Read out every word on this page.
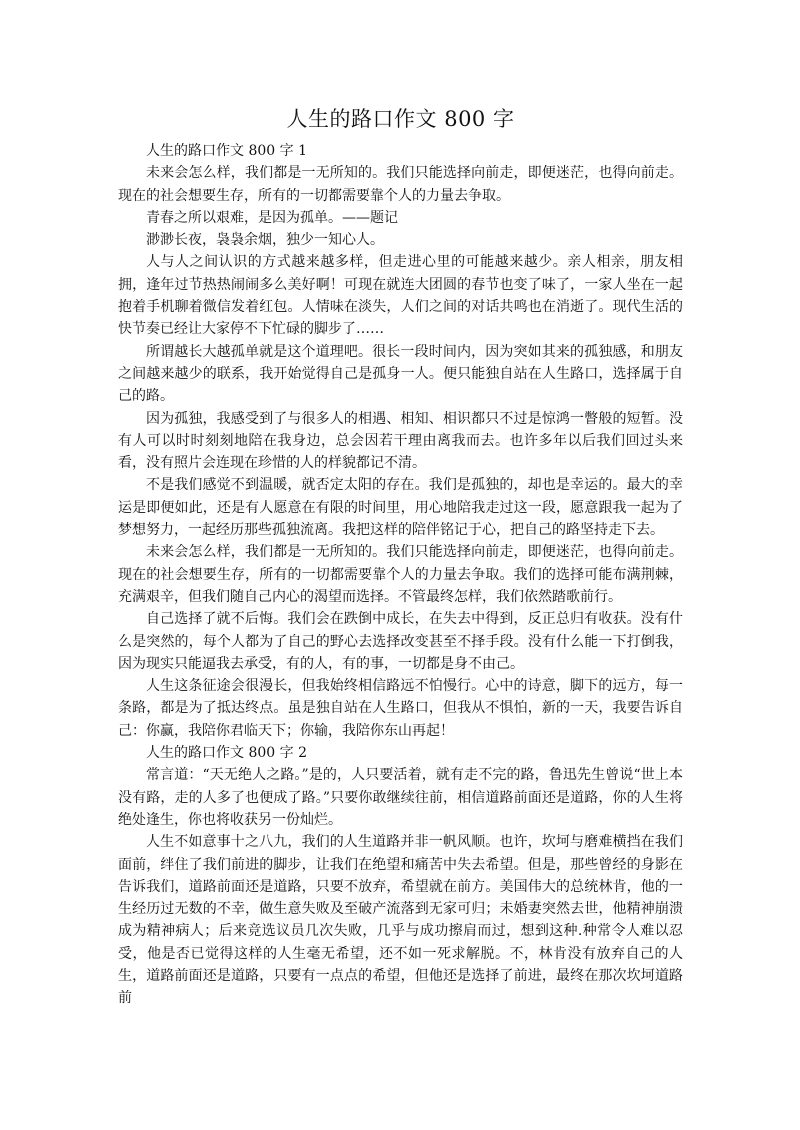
人生的路口作文 800 字

人生的路口作文 800 字 1

未来会怎么样，我们都是一无所知的。我们只能选择向前走，即便迷茫，也得向前走。现在的社会想要生存，所有的一切都需要靠个人的力量去争取。

青春之所以艰难，是因为孤单。——题记

渺渺长夜，袅袅余烟，独少一知心人。

人与人之间认识的方式越来越多样，但走进心里的可能越来越少。亲人相亲，朋友相拥，逢年过节热热闹闹多么美好啊！可现在就连大团圆的春节也变了味了，一家人坐在一起抱着手机聊着微信发着红包。人情味在淡失，人们之间的对话共鸣也在消逝了。现代生活的快节奏已经让大家停不下忙碌的脚步了……

所谓越长大越孤单就是这个道理吧。很长一段时间内，因为突如其来的孤独感，和朋友之间越来越少的联系，我开始觉得自己是孤身一人。便只能独自站在人生路口，选择属于自己的路。

因为孤独，我感受到了与很多人的相遇、相知、相识都只不过是惊鸿一瞥般的短暂。没有人可以时时刻刻地陪在我身边，总会因若干理由离我而去。也许多年以后我们回过头来看，没有照片会连现在珍惜的人的样貌都记不清。

不是我们感觉不到温暖，就否定太阳的存在。我们是孤独的，却也是幸运的。最大的幸运是即便如此，还是有人愿意在有限的时间里，用心地陪我走过这一段，愿意跟我一起为了梦想努力，一起经历那些孤独流离。我把这样的陪伴铭记于心，把自己的路坚持走下去。

未来会怎么样，我们都是一无所知的。我们只能选择向前走，即便迷茫，也得向前走。现在的社会想要生存，所有的一切都需要靠个人的力量去争取。我们的选择可能布满荆棘，充满艰辛，但我们随自己内心的渴望而选择。不管最终怎样，我们依然踏歌前行。

自己选择了就不后悔。我们会在跌倒中成长，在失去中得到，反正总归有收获。没有什么是突然的，每个人都为了自己的野心去选择改变甚至不择手段。没有什么能一下打倒我，因为现实只能逼我去承受，有的人，有的事，一切都是身不由己。

人生这条征途会很漫长，但我始终相信路远不怕慢行。心中的诗意，脚下的远方，每一条路，都是为了抵达终点。虽是独自站在人生路口，但我从不惧怕，新的一天，我要告诉自己：你赢，我陪你君临天下；你输，我陪你东山再起！

人生的路口作文 800 字 2

常言道：“天无绝人之路。”是的，人只要活着，就有走不完的路，鲁迅先生曾说“世上本没有路，走的人多了也便成了路。”只要你敢继续往前，相信道路前面还是道路，你的人生将绝处逢生，你也将收获另一份灿烂。

人生不如意事十之八九，我们的人生道路并非一帆风顺。也许，坎坷与磨难横挡在我们面前，绊住了我们前进的脚步，让我们在绝望和痛苦中失去希望。但是，那些曾经的身影在告诉我们，道路前面还是道路，只要不放弃，希望就在前方。美国伟大的总统林肯，他的一生经历过无数的不幸，做生意失败及至破产流落到无家可归；未婚妻突然去世，他精神崩溃成为精神病人；后来竞选议员几次失败，几乎与成功擦肩而过，想到这种.种常令人难以忍受，他是否已觉得这样的人生毫无希望，还不如一死求解脱。不，林肯没有放弃自己的人生，道路前面还是道路，只要有一点点的希望，但他还是选择了前进，最终在那次坎坷道路前
